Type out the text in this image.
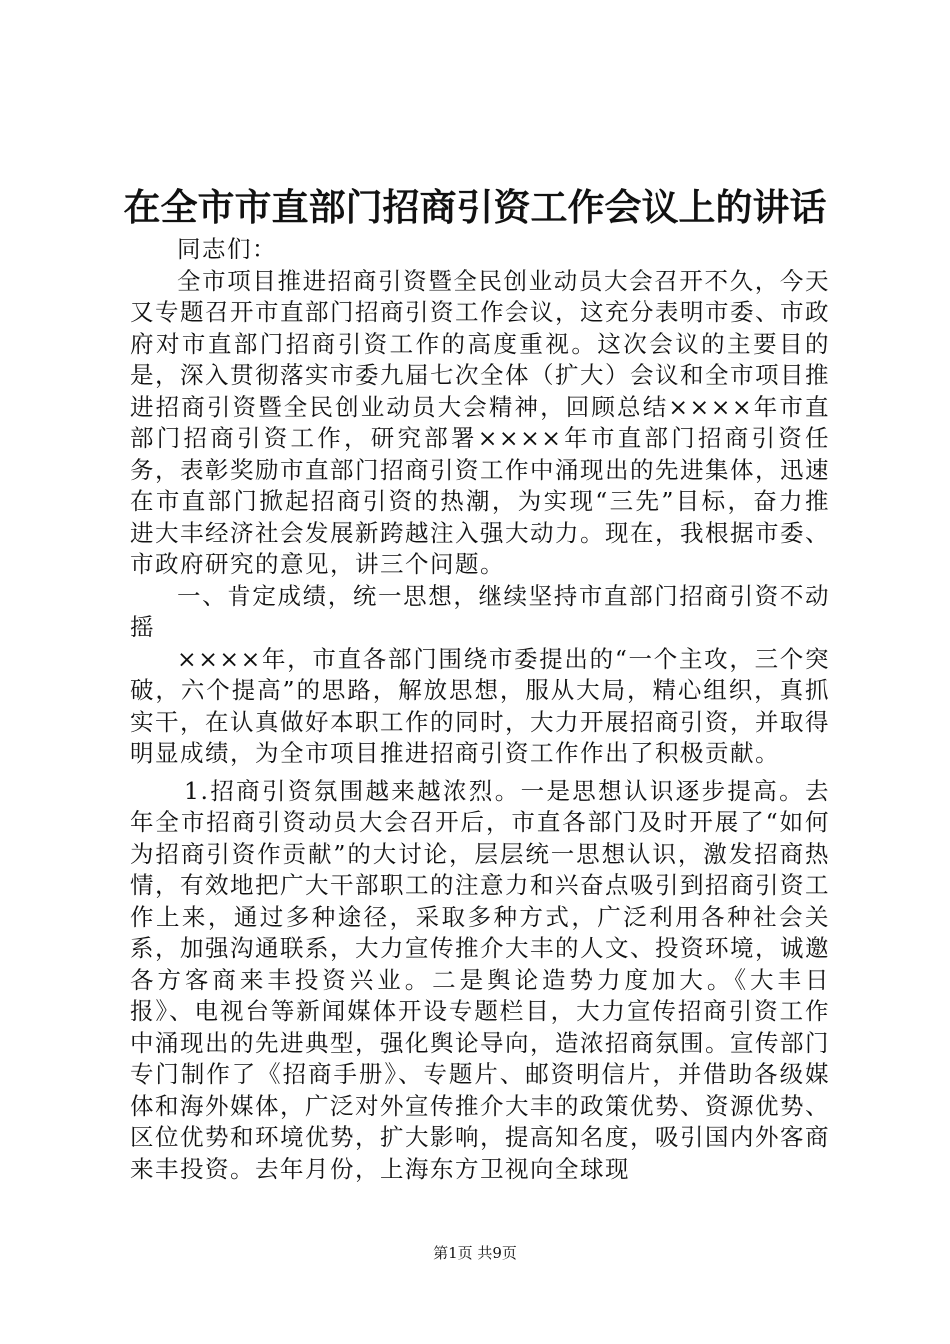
在全市市直部门招商引资工作会议上的讲话

同志们：

全市项目推进招商引资暨全民创业动员大会召开不久，今天又专题召开市直部门招商引资工作会议，这充分表明市委、市政府对市直部门招商引资工作的高度重视。这次会议的主要目的是，深入贯彻落实市委九届七次全体（扩大）会议和全市项目推进招商引资暨全民创业动员大会精神，回顾总结××××年市直部门招商引资工作，研究部署××××年市直部门招商引资任务，表彰奖励市直部门招商引资工作中涌现出的先进集体，迅速在市直部门掀起招商引资的热潮，为实现“三先”目标，奋力推进大丰经济社会发展新跨越注入强大动力。现在，我根据市委、市政府研究的意见，讲三个问题。

一、肯定成绩，统一思想，继续坚持市直部门招商引资不动摇

××××年，市直各部门围绕市委提出的“一个主攻，三个突破，六个提高”的思路，解放思想，服从大局，精心组织，真抓实干，在认真做好本职工作的同时，大力开展招商引资，并取得明显成绩，为全市项目推进招商引资工作作出了积极贡献。

1.招商引资氛围越来越浓烈。一是思想认识逐步提高。去年全市招商引资动员大会召开后，市直各部门及时开展了“如何为招商引资作贡献”的大讨论，层层统一思想认识，激发招商热情，有效地把广大干部职工的注意力和兴奋点吸引到招商引资工作上来，通过多种途径，采取多种方式，广泛利用各种社会关系，加强沟通联系，大力宣传推介大丰的人文、投资环境，诚邀各方客商来丰投资兴业。二是舆论造势力度加大。《大丰日报》、电视台等新闻媒体开设专题栏目，大力宣传招商引资工作中涌现出的先进典型，强化舆论导向，造浓招商氛围。宣传部门专门制作了《招商手册》、专题片、邮资明信片，并借助各级媒体和海外媒体，广泛对外宣传推介大丰的政策优势、资源优势、区位优势和环境优势，扩大影响，提高知名度，吸引国内外客商来丰投资。去年月份，上海东方卫视向全球现

第1页 共9页
